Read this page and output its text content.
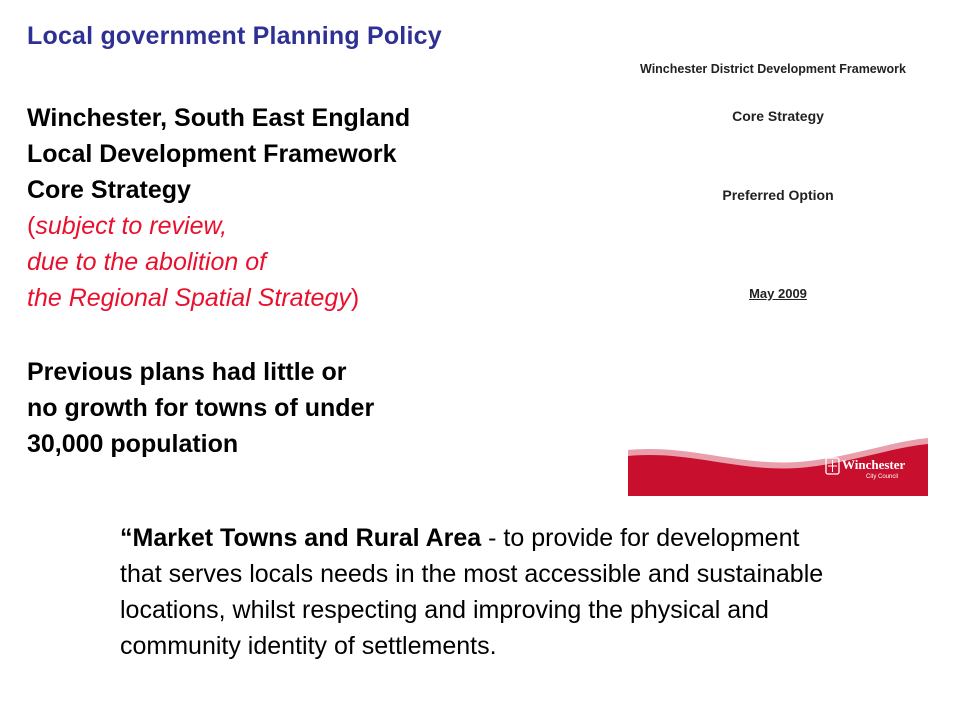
Local government Planning Policy
Winchester, South East England
Local Development Framework
Core Strategy
(subject to review,
due to the abolition of
the Regional Spatial Strategy)
Previous plans had little or
no growth for towns of under
30,000 population
Winchester District Development Framework
Core Strategy
Preferred Option
May 2009
Winchester
City Council
“Market Towns and Rural Area - to provide for development that serves locals needs in the most accessible and sustainable locations, whilst respecting and improving the physical and community identity of settlements.
